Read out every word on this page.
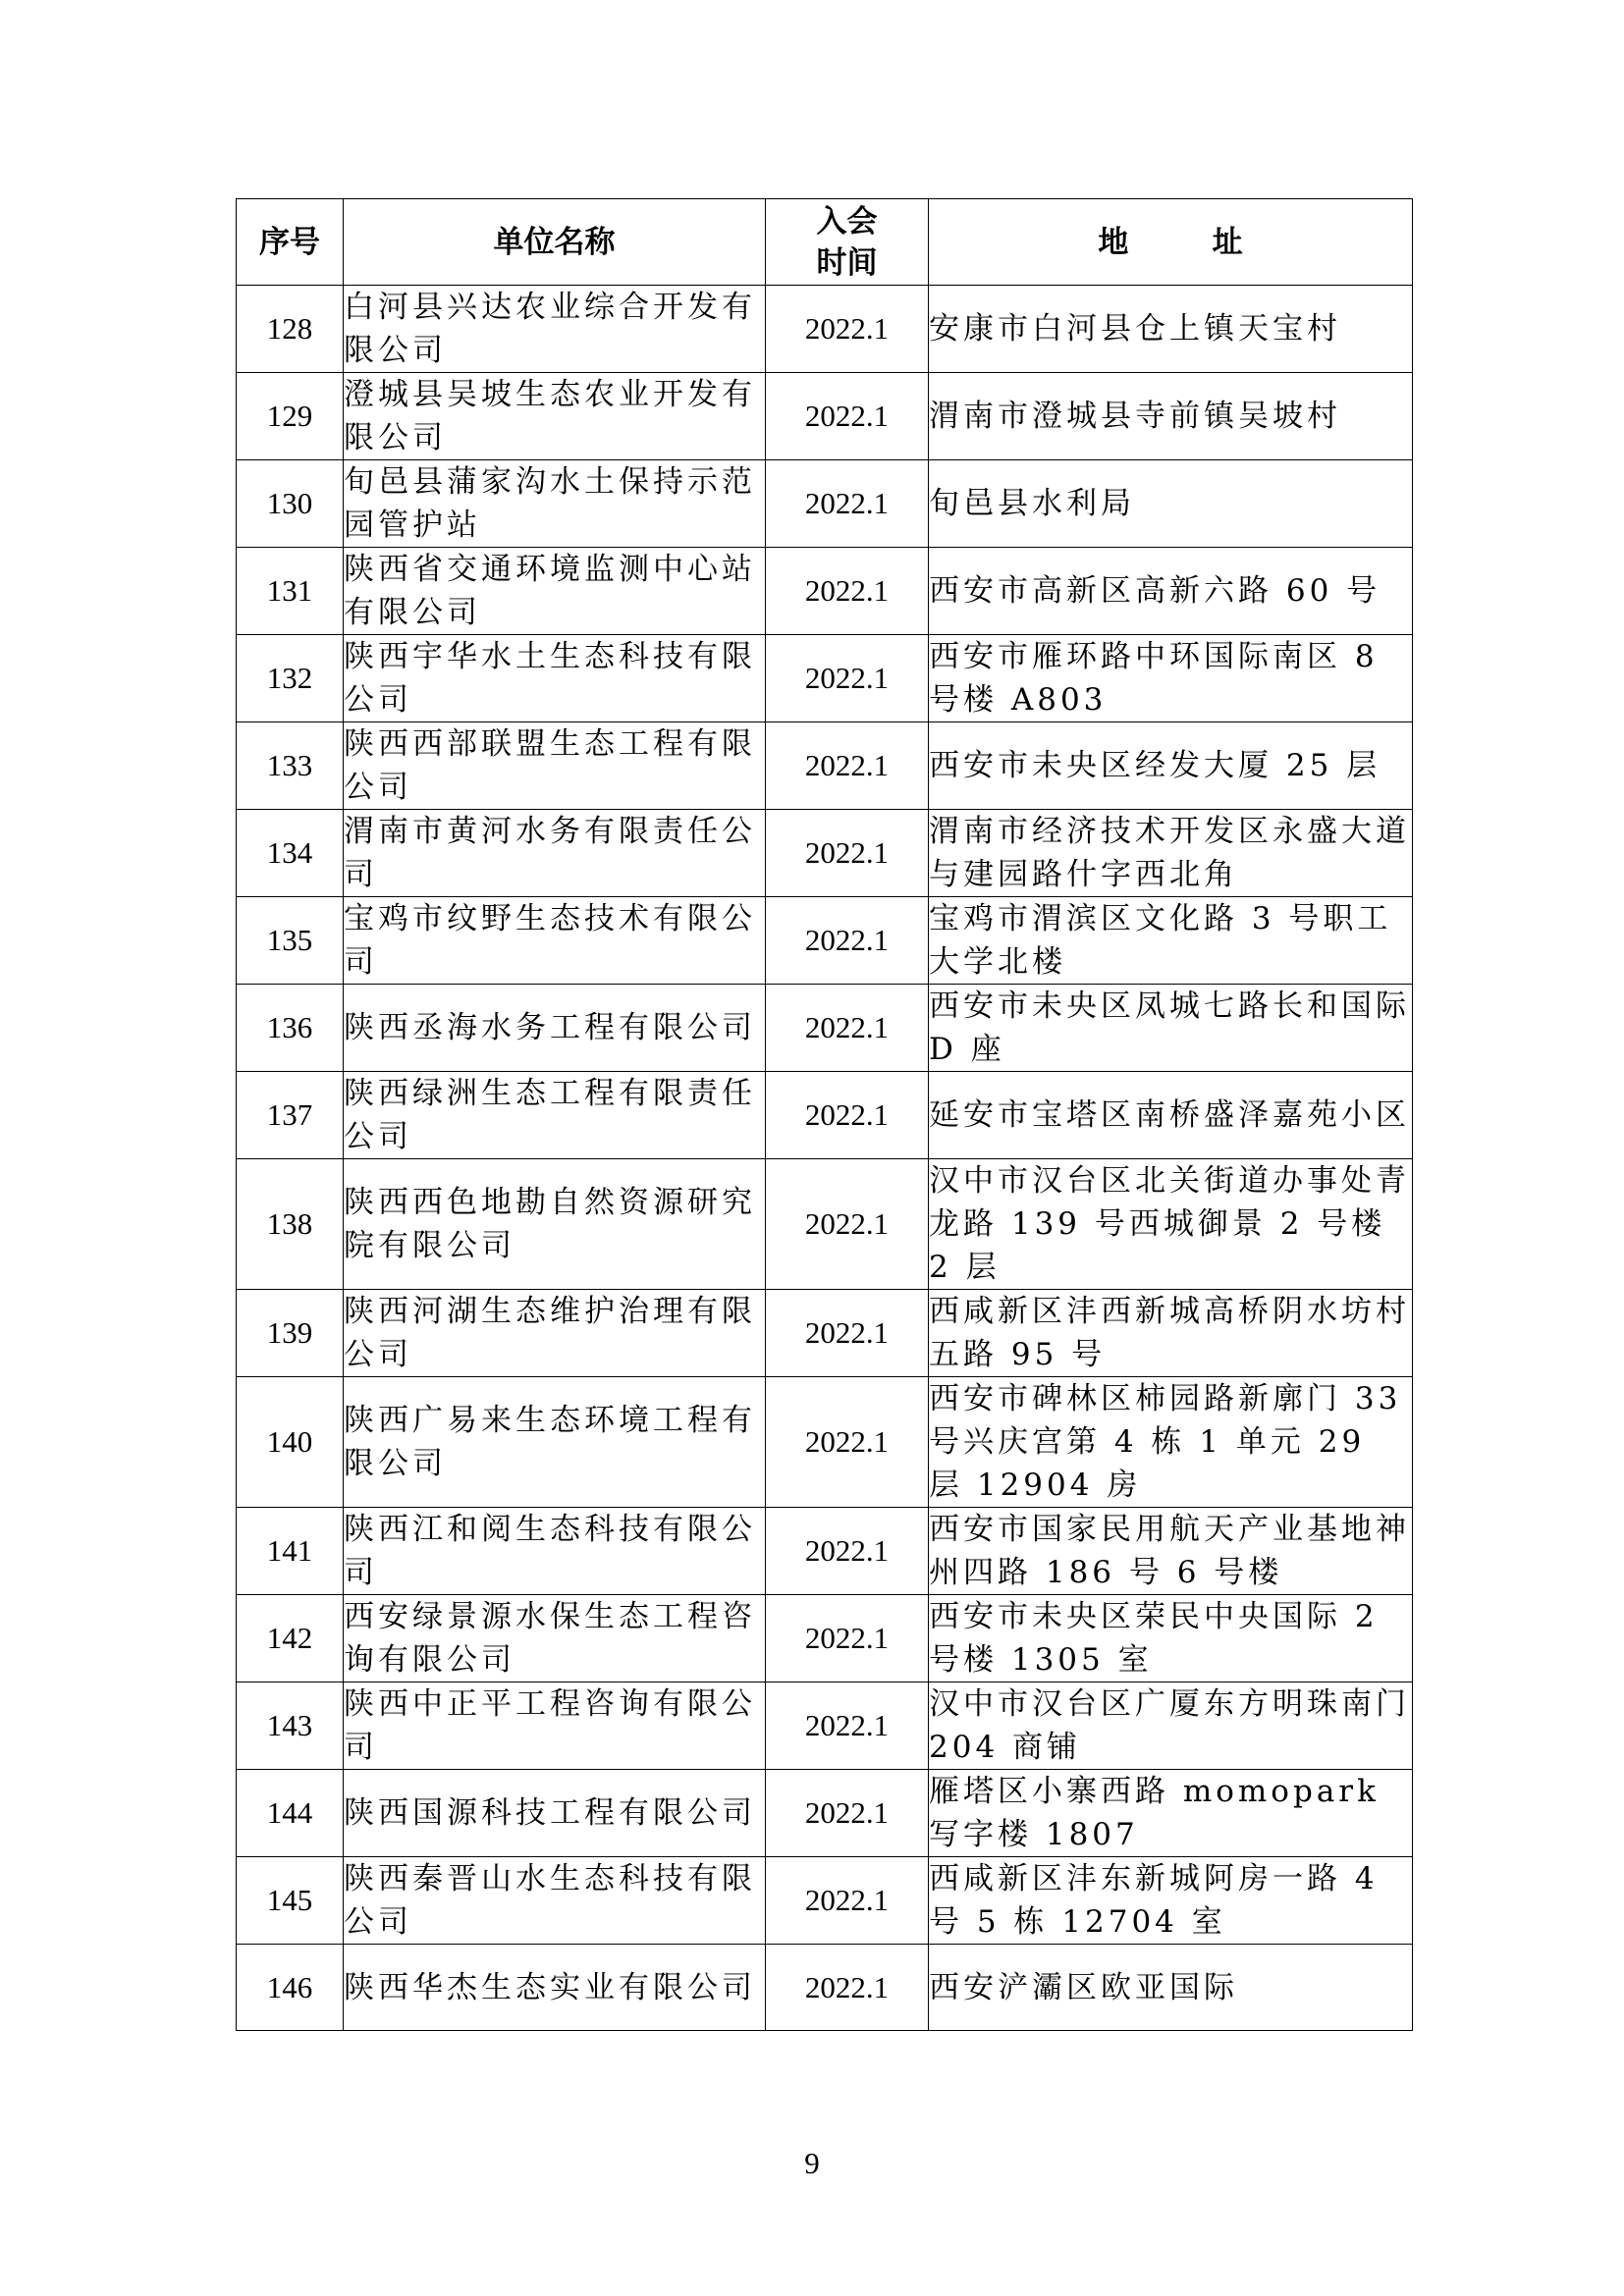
序号	单位名称	入会时间	地 址
128	白河县兴达农业综合开发有限公司	2022.1	安康市白河县仓上镇天宝村
129	澄城县吴坡生态农业开发有限公司	2022.1	渭南市澄城县寺前镇吴坡村
130	旬邑县蒲家沟水土保持示范园管护站	2022.1	旬邑县水利局
131	陕西省交通环境监测中心站有限公司	2022.1	西安市高新区高新六路 60 号
132	陕西宇华水土生态科技有限公司	2022.1	西安市雁环路中环国际南区 8 号楼 A803
133	陕西西部联盟生态工程有限公司	2022.1	西安市未央区经发大厦 25 层
134	渭南市黄河水务有限责任公司	2022.1	渭南市经济技术开发区永盛大道与建园路什字西北角
135	宝鸡市纹野生态技术有限公司	2022.1	宝鸡市渭滨区文化路 3 号职工大学北楼
136	陕西丞海水务工程有限公司	2022.1	西安市未央区凤城七路长和国际 D 座
137	陕西绿洲生态工程有限责任公司	2022.1	延安市宝塔区南桥盛泽嘉苑小区
138	陕西西色地勘自然资源研究院有限公司	2022.1	汉中市汉台区北关街道办事处青龙路 139 号西城御景 2 号楼 2 层
139	陕西河湖生态维护治理有限公司	2022.1	西咸新区沣西新城高桥阴水坊村五路 95 号
140	陕西广易来生态环境工程有限公司	2022.1	西安市碑林区柿园路新廓门 33 号兴庆宫第 4 栋 1 单元 29 层 12904 房
141	陕西江和阅生态科技有限公司	2022.1	西安市国家民用航天产业基地神州四路 186 号 6 号楼
142	西安绿景源水保生态工程咨询有限公司	2022.1	西安市未央区荣民中央国际 2 号楼 1305 室
143	陕西中正平工程咨询有限公司	2022.1	汉中市汉台区广厦东方明珠南门 204 商铺
144	陕西国源科技工程有限公司	2022.1	雁塔区小寨西路 momopark 写字楼 1807
145	陕西秦晋山水生态科技有限公司	2022.1	西咸新区沣东新城阿房一路 4 号 5 栋 12704 室
146	陕西华杰生态实业有限公司	2022.1	西安浐灞区欧亚国际
9
